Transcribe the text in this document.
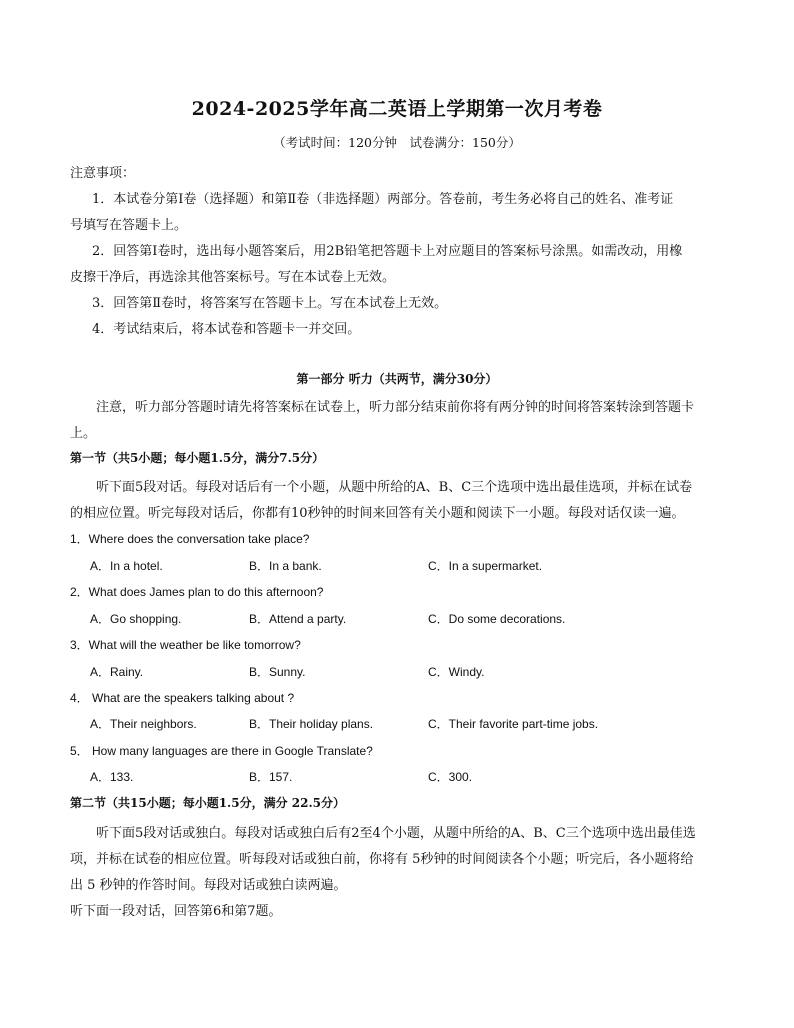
2024-2025学年高二英语上学期第一次月考卷
（考试时间：120分钟　试卷满分：150分）
注意事项：
1．本试卷分第Ⅰ卷（选择题）和第Ⅱ卷（非选择题）两部分。答卷前，考生务必将自己的姓名、准考证
号填写在答题卡上。
2．回答第Ⅰ卷时，选出每小题答案后，用2B铅笔把答题卡上对应题目的答案标号涂黑。如需改动，用橡
皮擦干净后，再选涂其他答案标号。写在本试卷上无效。
3．回答第Ⅱ卷时，将答案写在答题卡上。写在本试卷上无效。
4．考试结束后，将本试卷和答题卡一并交回。
第一部分 听力（共两节，满分30分）
注意，听力部分答题时请先将答案标在试卷上，听力部分结束前你将有两分钟的时间将答案转涂到答题卡
上。
第一节（共5小题；每小题1.5分，满分7.5分）
听下面5段对话。每段对话后有一个小题，从题中所给的A、B、C三个选项中选出最佳选项，并标在试卷
的相应位置。听完每段对话后，你都有10秒钟的时间来回答有关小题和阅读下一小题。每段对话仅读一遍。
1．Where does the conversation take place?
A．In a hotel.	B．In a bank.	C．In a supermarket.
2．What does James plan to do this afternoon?
A．Go shopping.	B．Attend a party.	C．Do some decorations.
3．What will the weather be like tomorrow?
A．Rainy.	B．Sunny.	C．Windy.
4． What are the speakers talking about ?
A．Their neighbors.	B．Their holiday plans.	C．Their favorite part-time jobs.
5． How many languages are there in Google Translate?
A．133.	B．157.	C．300.
第二节（共15小题；每小题1.5分，满分 22.5分）
听下面5段对话或独白。每段对话或独白后有2至4个小题，从题中所给的A、B、C三个选项中选出最佳选
项，并标在试卷的相应位置。听每段对话或独白前，你将有 5秒钟的时间阅读各个小题；听完后，各小题将给
出 5 秒钟的作答时间。每段对话或独白读两遍。
听下面一段对话，回答第6和第7题。
